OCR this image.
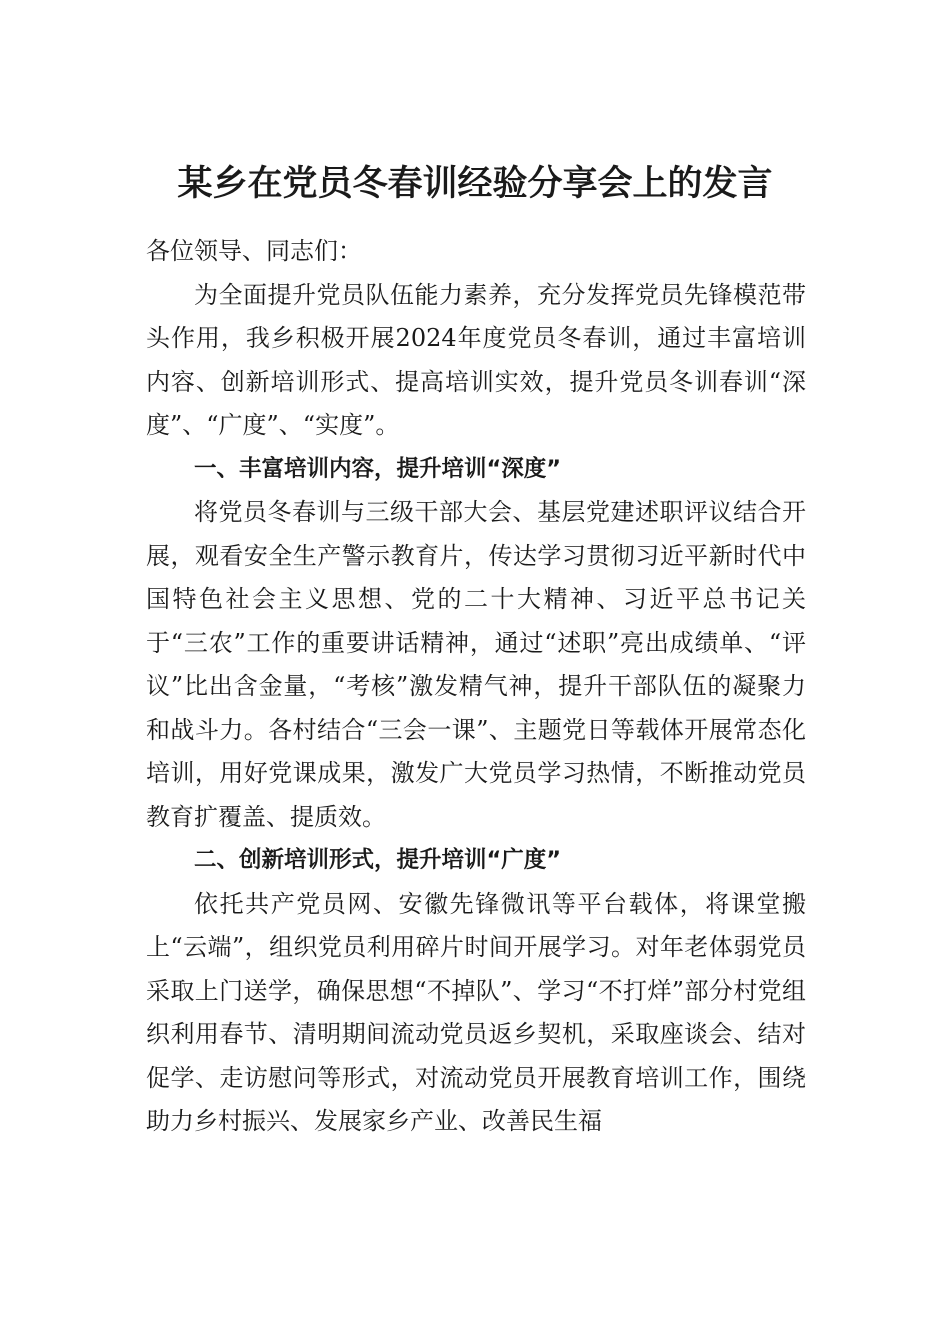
某乡在党员冬春训经验分享会上的发言

各位领导、同志们：

为全面提升党员队伍能力素养，充分发挥党员先锋模范带头作用，我乡积极开展2024年度党员冬春训，通过丰富培训内容、创新培训形式、提高培训实效，提升党员冬训春训“深度”、“广度”、“实度”。

一、丰富培训内容，提升培训“深度”

将党员冬春训与三级干部大会、基层党建述职评议结合开展，观看安全生产警示教育片，传达学习贯彻习近平新时代中国特色社会主义思想、党的二十大精神、习近平总书记关于“三农”工作的重要讲话精神，通过“述职”亮出成绩单、“评议”比出含金量，“考核”激发精气神，提升干部队伍的凝聚力和战斗力。各村结合“三会一课”、主题党日等载体开展常态化培训，用好党课成果，激发广大党员学习热情，不断推动党员教育扩覆盖、提质效。

二、创新培训形式，提升培训“广度”

依托共产党员网、安徽先锋微讯等平台载体，将课堂搬上“云端”，组织党员利用碎片时间开展学习。对年老体弱党员采取上门送学，确保思想“不掉队”、学习“不打烊”部分村党组织利用春节、清明期间流动党员返乡契机，采取座谈会、结对促学、走访慰问等形式，对流动党员开展教育培训工作，围绕助力乡村振兴、发展家乡产业、改善民生福
